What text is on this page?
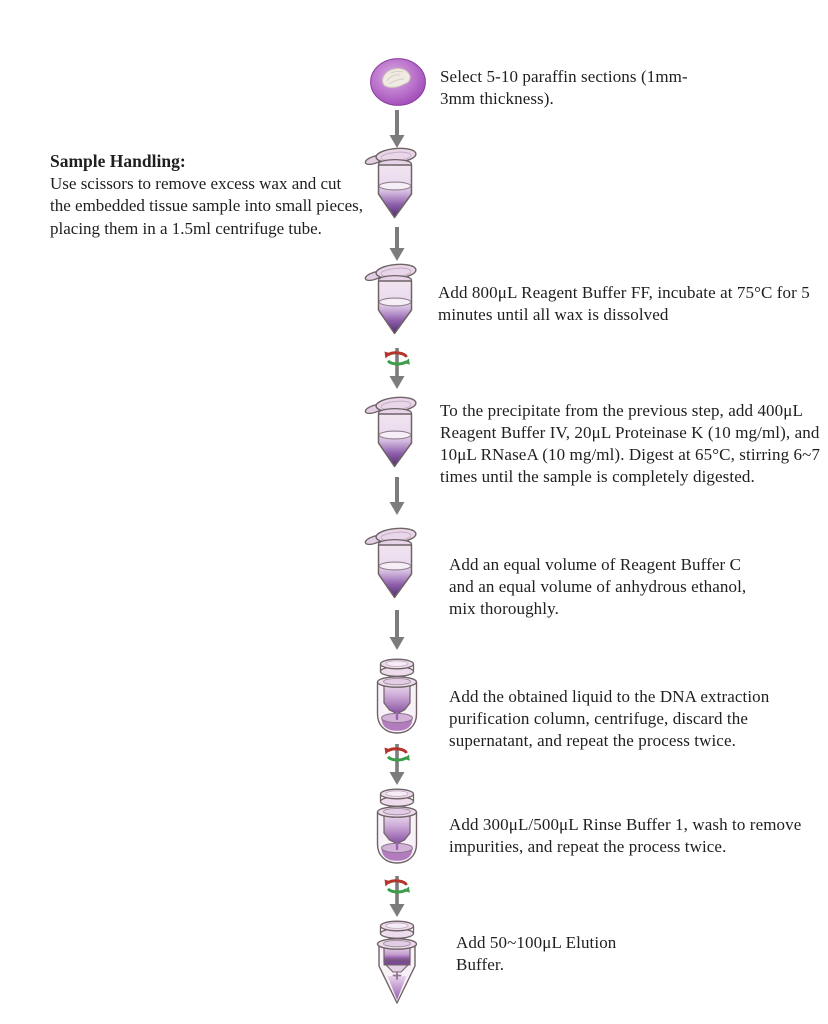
Select 5-10 paraffin sections (1mm-3mm thickness).
Sample Handling:
Use scissors to remove excess wax and cut the embedded tissue sample into small pieces, placing them in a 1.5ml centrifuge tube.
Add 800μL Reagent Buffer FF, incubate at 75°C for 5 minutes until all wax is dissolved
To the precipitate from the previous step, add 400μL Reagent Buffer IV, 20μL Proteinase K (10 mg/ml), and 10μL RNaseA (10 mg/ml). Digest at 65°C, stirring 6~7 times until the sample is completely digested.
Add an equal volume of Reagent Buffer C and an equal volume of anhydrous ethanol, mix thoroughly.
Add the obtained liquid to the DNA extraction purification column, centrifuge, discard the supernatant, and repeat the process twice.
Add 300μL/500μL Rinse Buffer 1, wash to remove impurities, and repeat the process twice.
Add 50~100μL Elution Buffer.
